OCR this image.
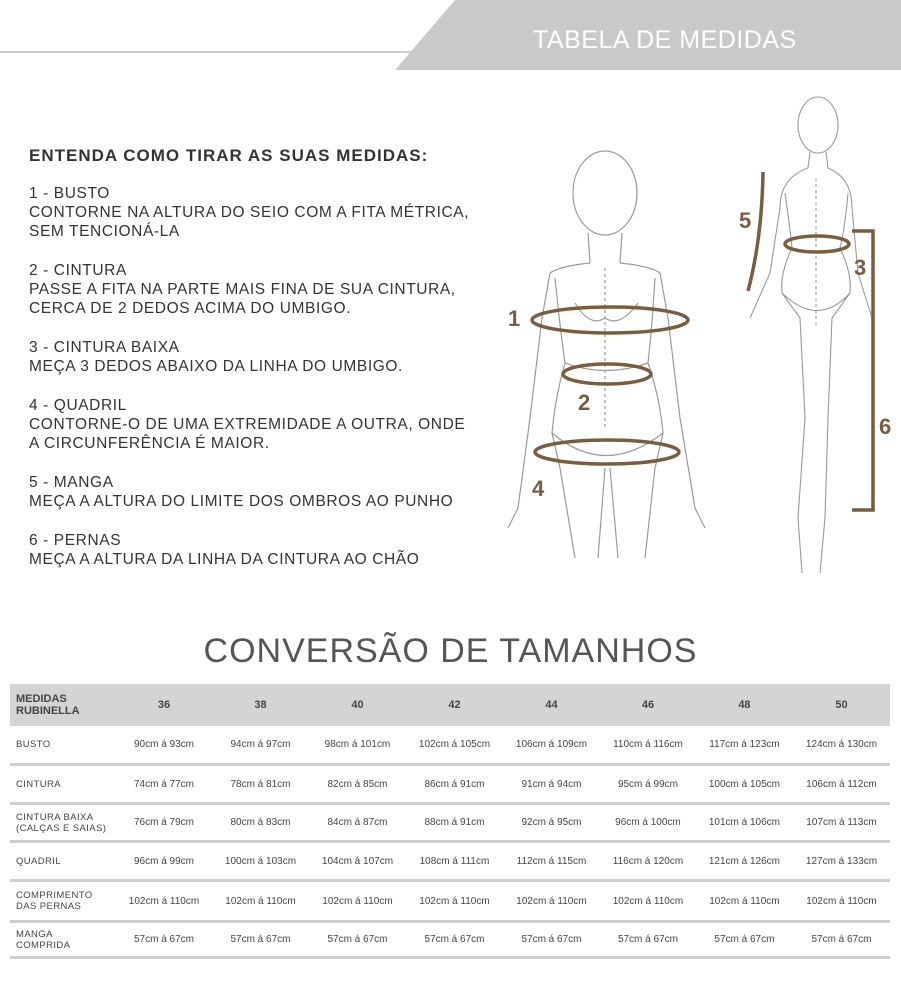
TABELA DE MEDIDAS
ENTENDA COMO TIRAR AS SUAS MEDIDAS:
1 - BUSTO
CONTORNE NA ALTURA DO SEIO COM A FITA MÉTRICA,
SEM TENCIONÁ-LA
2 - CINTURA
PASSE A FITA NA PARTE MAIS FINA DE SUA CINTURA,
CERCA DE 2 DEDOS ACIMA DO UMBIGO.
3 - CINTURA BAIXA
MEÇA 3 DEDOS ABAIXO DA LINHA DO UMBIGO.
4 - QUADRIL
CONTORNE-O DE UMA EXTREMIDADE A OUTRA, ONDE
A CIRCUNFERÊNCIA É MAIOR.
5 - MANGA
MEÇA A ALTURA DO LIMITE DOS OMBROS AO PUNHO
6 - PERNAS
MEÇA A ALTURA DA LINHA DA CINTURA AO CHÃO
1
2
3
4
5
6
CONVERSÃO DE TAMANHOS
MEDIDAS RUBINELLA	36	38	40	42	44	46	48	50

BUSTO	90cm á 93cm	94cm á 97cm	98cm á 101cm	102cm á 105cm	106cm á 109cm	110cm á 116cm	117cm á 123cm	124cm á 130cm

CINTURA	74cm á 77cm	78cm á 81cm	82cm á 85cm	86cm á 91cm	91cm á 94cm	95cm á 99cm	100cm á 105cm	106cm á 112cm

CINTURA BAIXA
(CALÇAS E SAIAS)	76cm á 79cm	80cm á 83cm	84cm á 87cm	88cm á 91cm	92cm á 95cm	96cm á 100cm	101cm á 106cm	107cm á 113cm

QUADRIL	96cm á 99cm	100cm á 103cm	104cm á 107cm	108cm á 111cm	112cm á 115cm	116cm á 120cm	121cm á 126cm	127cm á 133cm

COMPRIMENTO
DAS PERNAS	102cm á 110cm	102cm á 110cm	102cm á 110cm	102cm á 110cm	102cm á 110cm	102cm á 110cm	102cm á 110cm	102cm á 110cm

MANGA
COMPRIDA	57cm á 67cm	57cm á 67cm	57cm á 67cm	57cm á 67cm	57cm á 67cm	57cm á 67cm	57cm á 67cm	57cm á 67cm
